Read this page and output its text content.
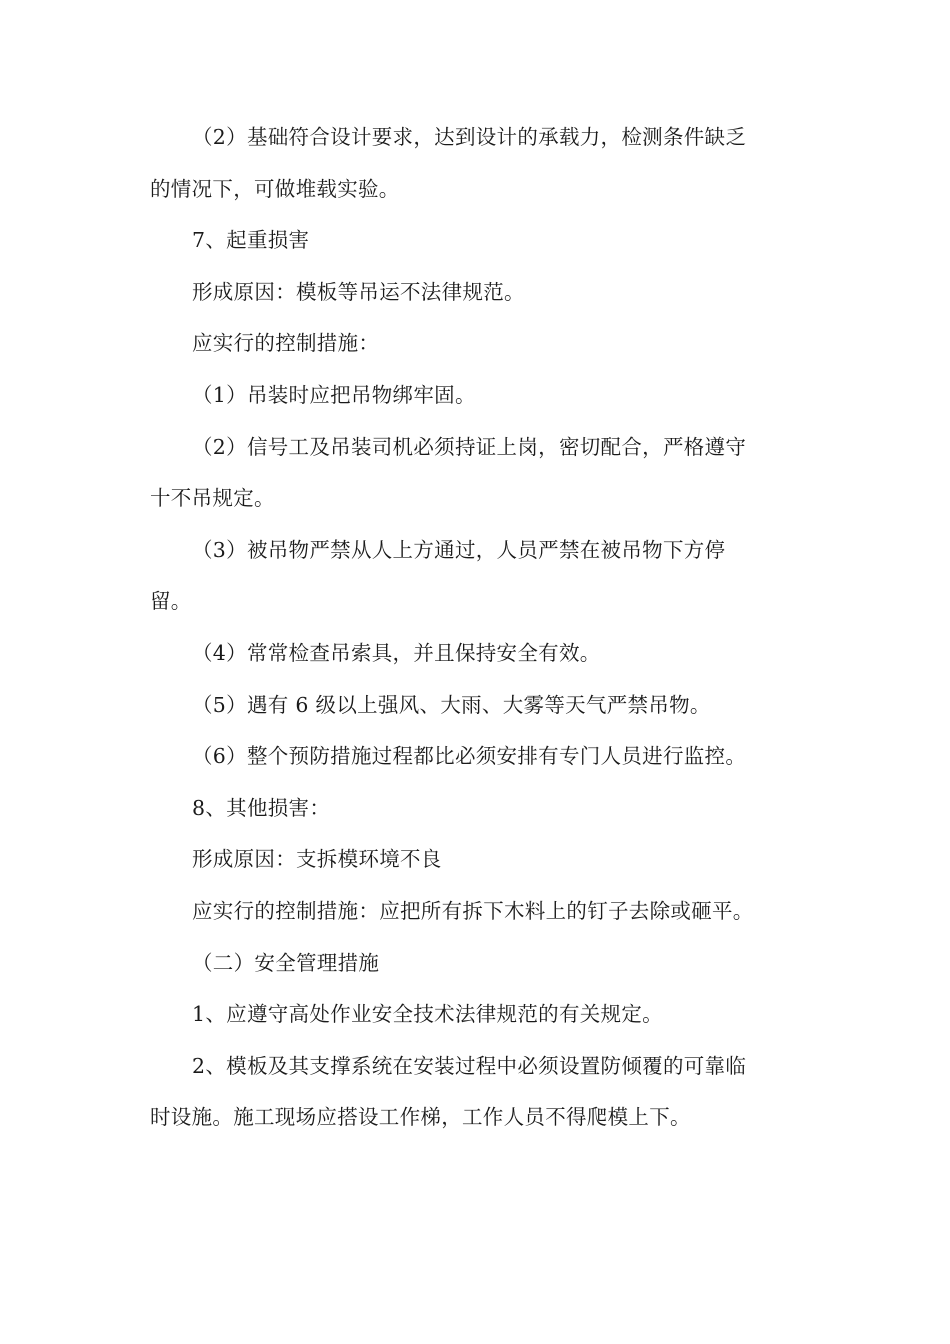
（2）基础符合设计要求，达到设计的承载力，检测条件缺乏

的情况下，可做堆载实验。

7、起重损害

形成原因：模板等吊运不法律规范。

应实行的控制措施：

（1）吊装时应把吊物绑牢固。

（2）信号工及吊装司机必须持证上岗，密切配合，严格遵守

十不吊规定。

（3）被吊物严禁从人上方通过，人员严禁在被吊物下方停

留。

（4）常常检查吊索具，并且保持安全有效。

（5）遇有 6 级以上强风、大雨、大雾等天气严禁吊物。

（6）整个预防措施过程都比必须安排有专门人员进行监控。

8、其他损害：

形成原因：支拆模环境不良

应实行的控制措施：应把所有拆下木料上的钉子去除或砸平。

（二）安全管理措施

1、应遵守高处作业安全技术法律规范的有关规定。

2、模板及其支撑系统在安装过程中必须设置防倾覆的可靠临

时设施。施工现场应搭设工作梯，工作人员不得爬模上下。
